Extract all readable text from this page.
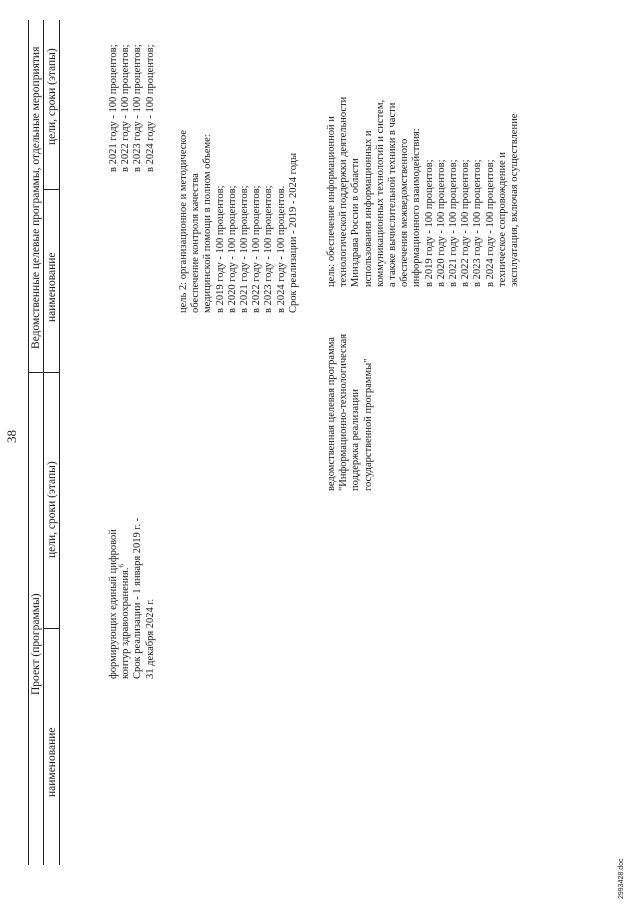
38
Проект (программы)
Ведомственные целевые программы, отдельные мероприятия
наименование
цели, сроки (этапы)
наименование
цели, сроки (этапы)
формирующих единый цифровой контур здравоохранения.$^6$ Срок реализации - 1 января 2019 г. - 31 декабря 2024 г.
в 2021 году - 100 процентов; в 2022 году - 100 процентов; в 2023 году - 100 процентов; в 2024 году - 100 процентов;
цель 2: организационное и методическое обеспечение контроля качества медицинской помощи в полном объеме: в 2019 году - 100 процентов; в 2020 году - 100 процентов; в 2021 году - 100 процентов; в 2022 году - 100 процентов; в 2023 году - 100 процентов; в 2024 году - 100 процентов. Срок реализации - 2019 - 2024 годы
ведомственная целевая программа "Информационно-технологическая поддержка реализации государственной программы"
цель: обеспечение информационной и технологической поддержки деятельности Минздрава России в области использования информационных и коммуникационных технологий и систем, а также вычислительной техники в части обеспечения межведомственного информационного взаимодействия: в 2019 году - 100 процентов; в 2020 году - 100 процентов; в 2021 году - 100 процентов; в 2022 году - 100 процентов; в 2023 году - 100 процентов; в 2024 году - 100 процентов; техническое сопровождение и эксплуатация, включая осуществление
2993428.doc
